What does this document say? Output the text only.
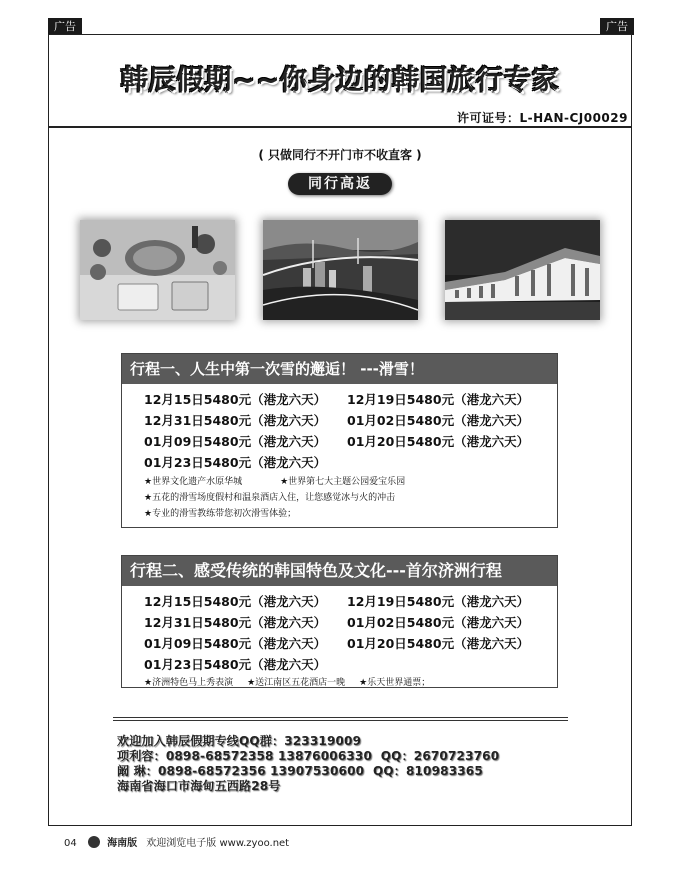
广告	广告
韩辰假期~~你身边的韩国旅行专家
许可证号：L-HAN-CJ00029
( 只做同行不开门市不收直客 )
同行高返
行程一、人生中第一次雪的邂逅！ ---滑雪！
12月15日5480元（港龙六天）	12月19日5480元（港龙六天）
12月31日5480元（港龙六天）	01月02日5480元（港龙六天）
01月09日5480元（港龙六天）	01月20日5480元（港龙六天）
01月23日5480元（港龙六天）
★世界文化遗产水原华城	★世界第七大主题公园爱宝乐园
★五花的滑雪场度假村和温泉酒店入住，让您感觉冰与火的冲击
★专业的滑雪教练带您初次滑雪体验；
行程二、感受传统的韩国特色及文化---首尔济洲行程
12月15日5480元（港龙六天）	12月19日5480元（港龙六天）
12月31日5480元（港龙六天）	01月02日5480元（港龙六天）
01月09日5480元（港龙六天）	01月20日5480元（港龙六天）
01月23日5480元（港龙六天）
★济洲特色马上秀表演 ★送江南区五花酒店一晚 ★乐天世界通票；
欢迎加入韩辰假期专线QQ群：323319009
项利容：0898-68572358 13876006330 QQ：2670723760
阚 琳：0898-68572356 13907530600 QQ：810983365
海南省海口市海甸五西路28号
04	海南版 欢迎浏览电子版 www.zyoo.net
